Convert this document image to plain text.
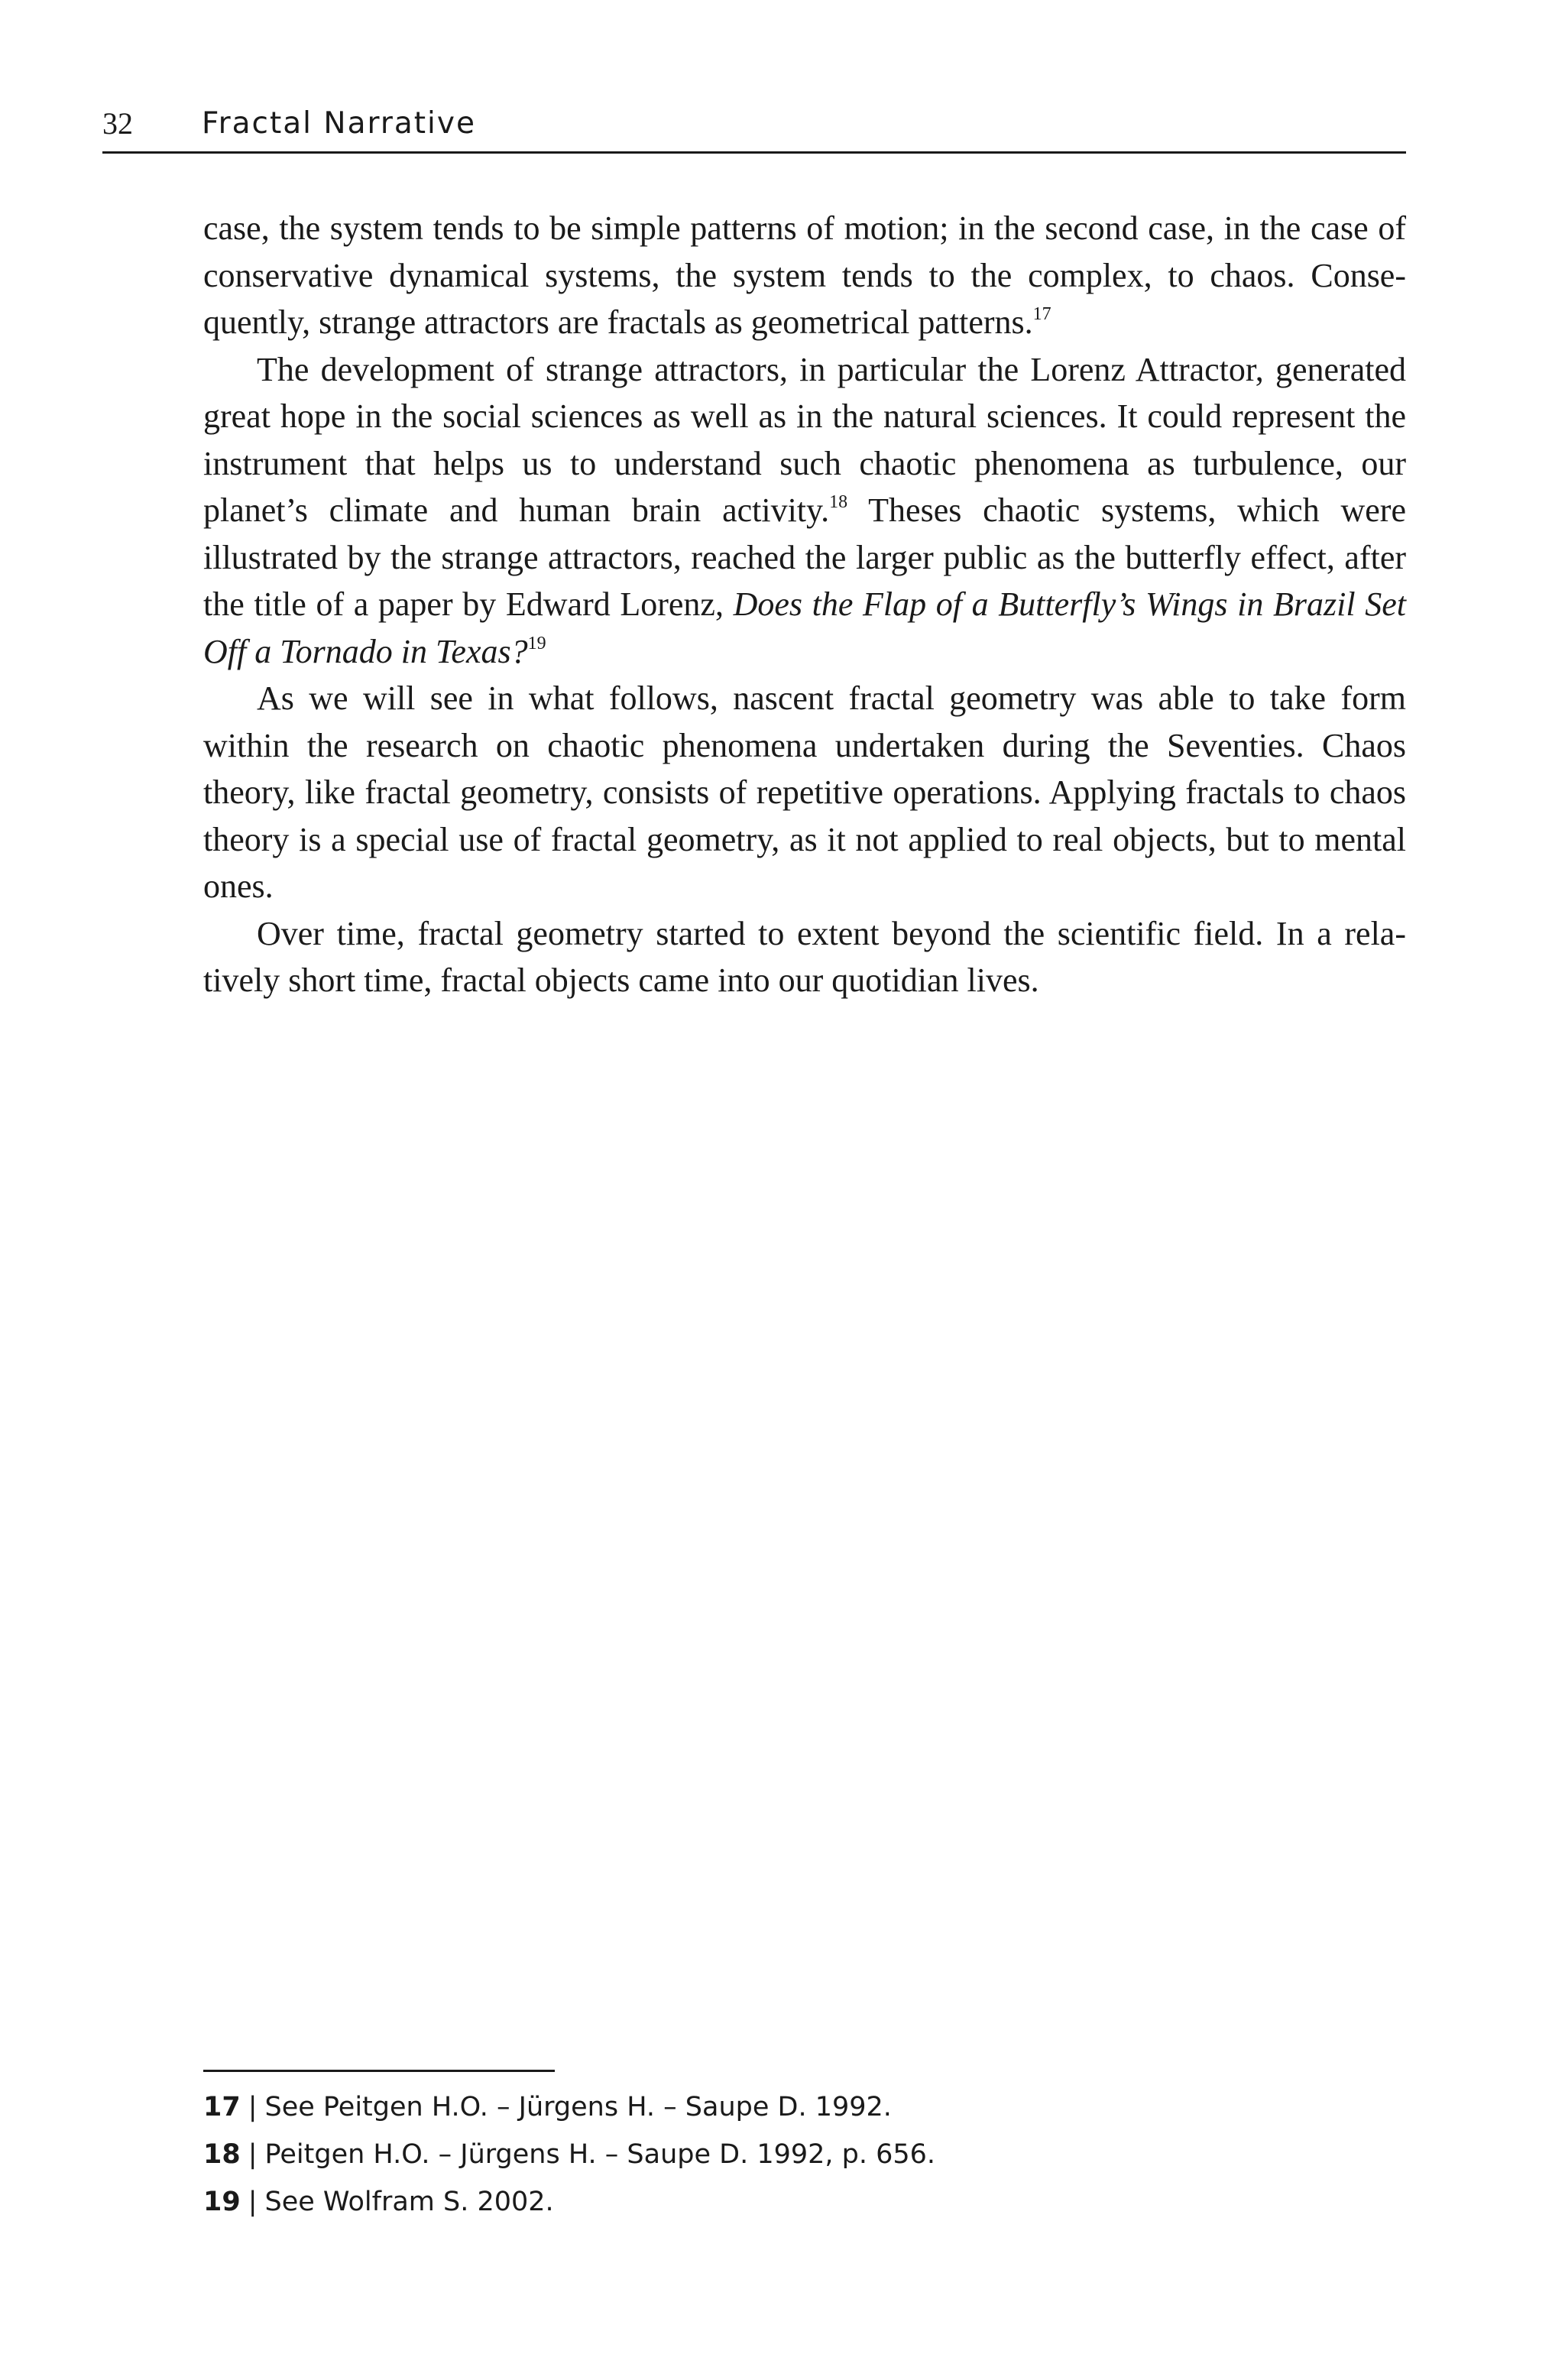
32 Fractal Narrative

case, the system tends to be simple patterns of motion; in the second case, in the case of conservative dynamical systems, the system tends to the complex, to chaos. Consequently, strange attractors are fractals as geometrical patterns.$^{17}$

The development of strange attractors, in particular the Lorenz Attractor, generated great hope in the social sciences as well as in the natural sciences. It could represent the instrument that helps us to understand such chaotic phenomena as turbulence, our planet’s climate and human brain activity.$^{18}$ Theses chaotic systems, which were illustrated by the strange attractors, reached the larger public as the butterfly effect, after the title of a paper by Edward Lorenz, Does the Flap of a Butterfly’s Wings in Brazil Set Off a Tornado in Texas?$^{19}$

As we will see in what follows, nascent fractal geometry was able to take form within the research on chaotic phenomena undertaken during the Seventies. Chaos theory, like fractal geometry, consists of repetitive operations. Applying fractals to chaos theory is a special use of fractal geometry, as it not applied to real objects, but to mental ones.

Over time, fractal geometry started to extent beyond the scientific field. In a relatively short time, fractal objects came into our quotidian lives.

17 | See Peitgen H.O. – Jürgens H. – Saupe D. 1992.
18 | Peitgen H.O. – Jürgens H. – Saupe D. 1992, p. 656.
19 | See Wolfram S. 2002.
